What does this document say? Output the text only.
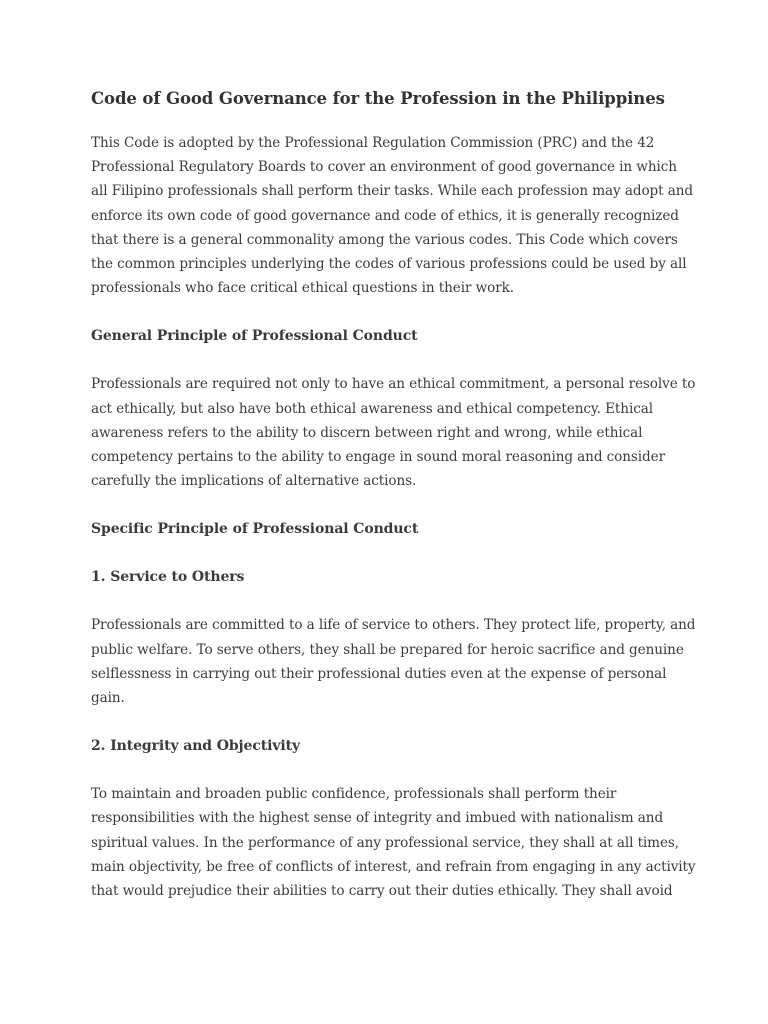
Code of Good Governance for the Profession in the Philippines

This Code is adopted by the Professional Regulation Commission (PRC) and the 42
Professional Regulatory Boards to cover an environment of good governance in which
all Filipino professionals shall perform their tasks. While each profession may adopt and
enforce its own code of good governance and code of ethics, it is generally recognized
that there is a general commonality among the various codes. This Code which covers
the common principles underlying the codes of various professions could be used by all
professionals who face critical ethical questions in their work.

General Principle of Professional Conduct

Professionals are required not only to have an ethical commitment, a personal resolve to
act ethically, but also have both ethical awareness and ethical competency. Ethical
awareness refers to the ability to discern between right and wrong, while ethical
competency pertains to the ability to engage in sound moral reasoning and consider
carefully the implications of alternative actions.

Specific Principle of Professional Conduct
1. Service to Others

Professionals are committed to a life of service to others. They protect life, property, and
public welfare. To serve others, they shall be prepared for heroic sacrifice and genuine
selflessness in carrying out their professional duties even at the expense of personal
gain.

2. Integrity and Objectivity

To maintain and broaden public confidence, professionals shall perform their
responsibilities with the highest sense of integrity and imbued with nationalism and
spiritual values. In the performance of any professional service, they shall at all times,
main objectivity, be free of conflicts of interest, and refrain from engaging in any activity
that would prejudice their abilities to carry out their duties ethically. They shall avoid
